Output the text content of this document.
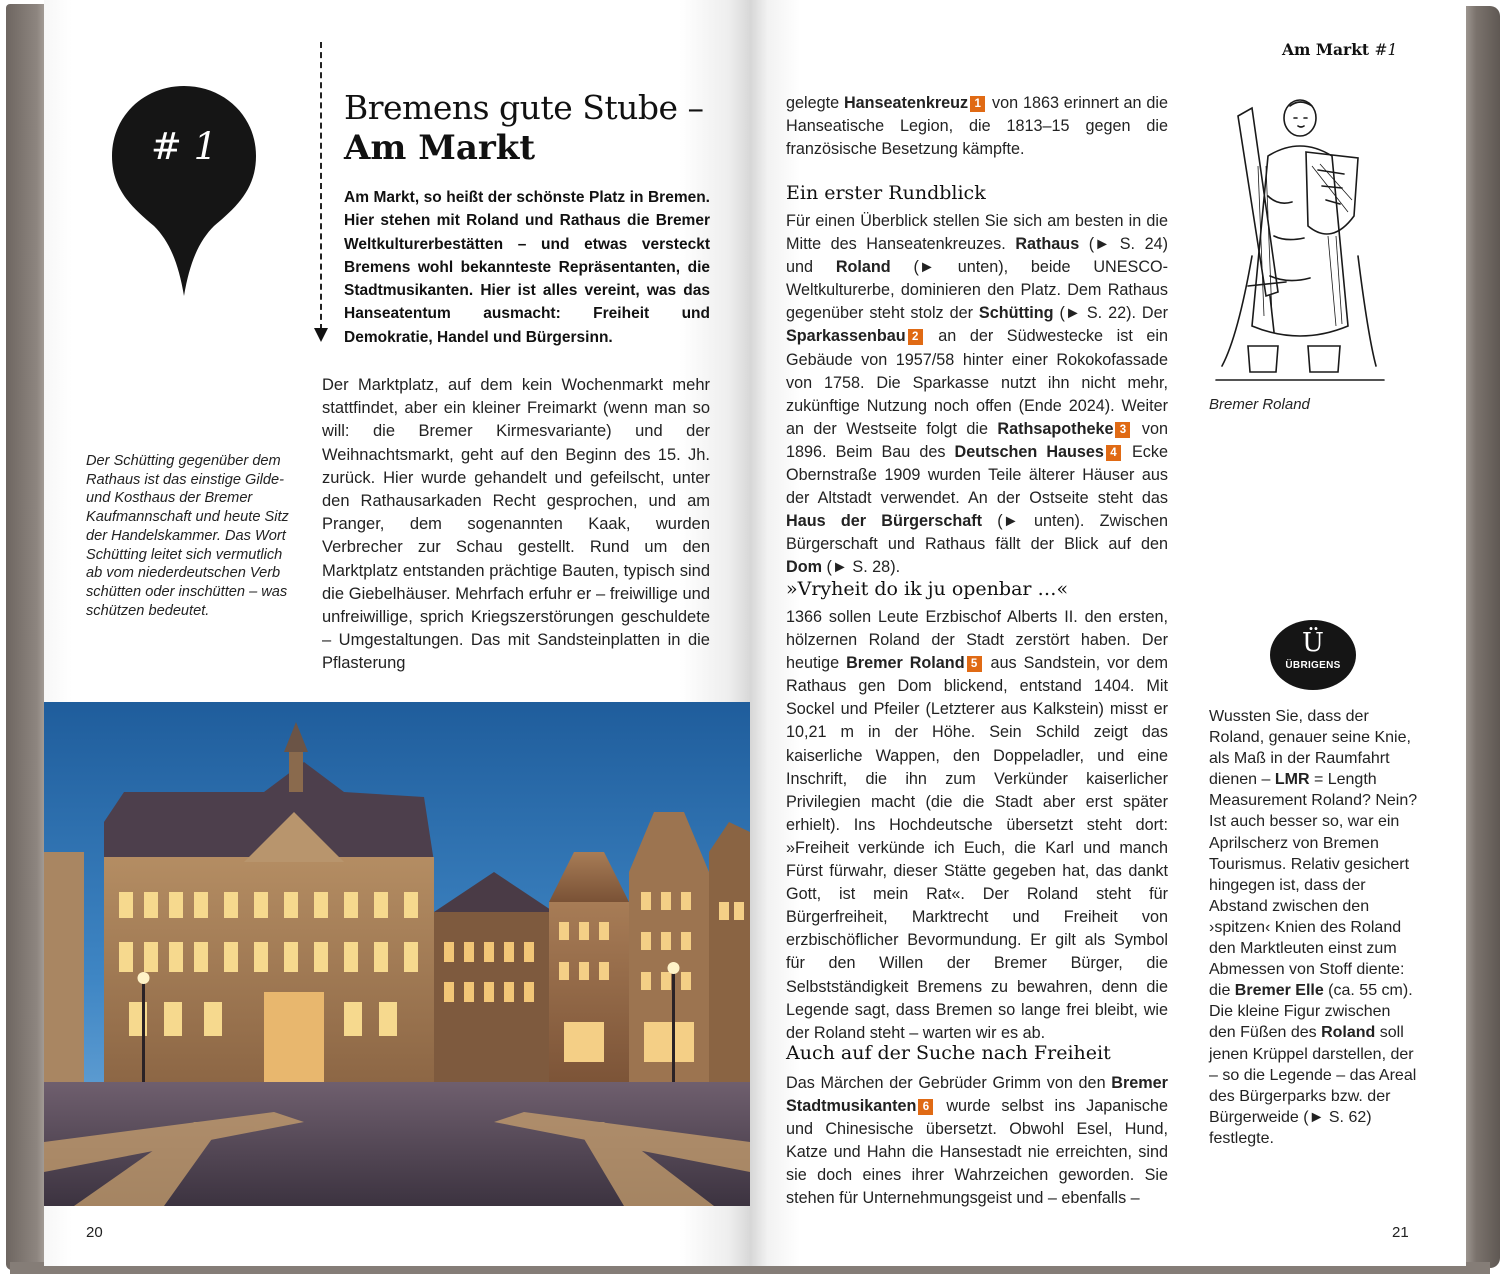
# 1
Bremens gute Stube –
Am Markt
Am Markt, so heißt der schönste Platz in Bremen. Hier stehen mit Roland und Rathaus die Bremer Weltkulturerbestätten – und etwas versteckt Bremens wohl bekannteste Repräsentanten, die Stadtmusikanten. Hier ist alles vereint, was das Hanseatentum ausmacht: Freiheit und Demokratie, Handel und Bürgersinn.
Der Marktplatz, auf dem kein Wochenmarkt mehr stattfindet, aber ein kleiner Freimarkt (wenn man so will: die Bremer Kirmesvariante) und der Weihnachtsmarkt, geht auf den Beginn des 15. Jh. zurück. Hier wurde gehandelt und gefeilscht, unter den Rathausarkaden Recht gesprochen, und am Pranger, dem sogenannten Kaak, wurden Verbrecher zur Schau gestellt. Rund um den Marktplatz entstanden prächtige Bauten, typisch sind die Giebelhäuser. Mehrfach erfuhr er – freiwillige und unfreiwillige, sprich Kriegszerstörungen geschuldete – Umgestaltungen. Das mit Sandsteinplatten in die Pflasterung
Der Schütting gegenüber dem Rathaus ist das einstige Gilde- und Kosthaus der Bremer Kaufmannschaft und heute Sitz der Handelskammer. Das Wort Schütting leitet sich vermutlich ab vom niederdeutschen Verb schütten oder inschütten – was schützen bedeutet.
20
Am Markt #1
gelegte Hanseatenkreuz 1 von 1863 erinnert an die Hanseatische Legion, die 1813–15 gegen die französische Besetzung kämpfte.
Ein erster Rundblick
Für einen Überblick stellen Sie sich am besten in die Mitte des Hanseatenkreuzes. Rathaus (► S. 24) und Roland (► unten), beide UNESCO-Weltkulturerbe, dominieren den Platz. Dem Rathaus gegenüber steht stolz der Schütting (► S. 22). Der Sparkassenbau 2 an der Südwestecke ist ein Gebäude von 1957/58 hinter einer Rokokofassade von 1758. Die Sparkasse nutzt ihn nicht mehr, zukünftige Nutzung noch offen (Ende 2024). Weiter an der Westseite folgt die Rathsapotheke 3 von 1896. Beim Bau des Deutschen Hauses 4 Ecke Obernstraße 1909 wurden Teile älterer Häuser aus der Altstadt verwendet. An der Ostseite steht das Haus der Bürgerschaft (► unten). Zwischen Bürgerschaft und Rathaus fällt der Blick auf den Dom (► S. 28).
»Vryheit do ik ju openbar …«
1366 sollen Leute Erzbischof Alberts II. den ersten, hölzernen Roland der Stadt zerstört haben. Der heutige Bremer Roland 5 aus Sandstein, vor dem Rathaus gen Dom blickend, entstand 1404. Mit Sockel und Pfeiler (Letzterer aus Kalkstein) misst er 10,21 m in der Höhe. Sein Schild zeigt das kaiserliche Wappen, den Doppeladler, und eine Inschrift, die ihn zum Verkünder kaiserlicher Privilegien macht (die die Stadt aber erst später erhielt). Ins Hochdeutsche übersetzt steht dort: »Freiheit verkünde ich Euch, die Karl und manch Fürst fürwahr, dieser Stätte gegeben hat, das dankt Gott, ist mein Rat«. Der Roland steht für Bürgerfreiheit, Marktrecht und Freiheit von erzbischöflicher Bevormundung. Er gilt als Symbol für den Willen der Bremer Bürger, die Selbstständigkeit Bremens zu bewahren, denn die Legende sagt, dass Bremen so lange frei bleibt, wie der Roland steht – warten wir es ab.
Auch auf der Suche nach Freiheit
Das Märchen der Gebrüder Grimm von den Bremer Stadtmusikanten 6 wurde selbst ins Japanische und Chinesische übersetzt. Obwohl Esel, Hund, Katze und Hahn die Hansestadt nie erreichten, sind sie doch eines ihrer Wahrzeichen geworden. Sie stehen für Unternehmungsgeist und – ebenfalls –
Bremer Roland
Ü
ÜBRIGENS
Wussten Sie, dass der Roland, genauer seine Knie, als Maß in der Raumfahrt dienen – LMR = Length Measurement Roland? Nein? Ist auch besser so, war ein Aprilscherz von Bremen Tourismus. Relativ gesichert hingegen ist, dass der Abstand zwischen den ›spitzen‹ Knien des Roland den Marktleuten einst zum Abmessen von Stoff diente: die Bremer Elle (ca. 55 cm). Die kleine Figur zwischen den Füßen des Roland soll jenen Krüppel darstellen, der – so die Legende – das Areal des Bürgerparks bzw. der Bürgerweide (► S. 62) festlegte.
21
